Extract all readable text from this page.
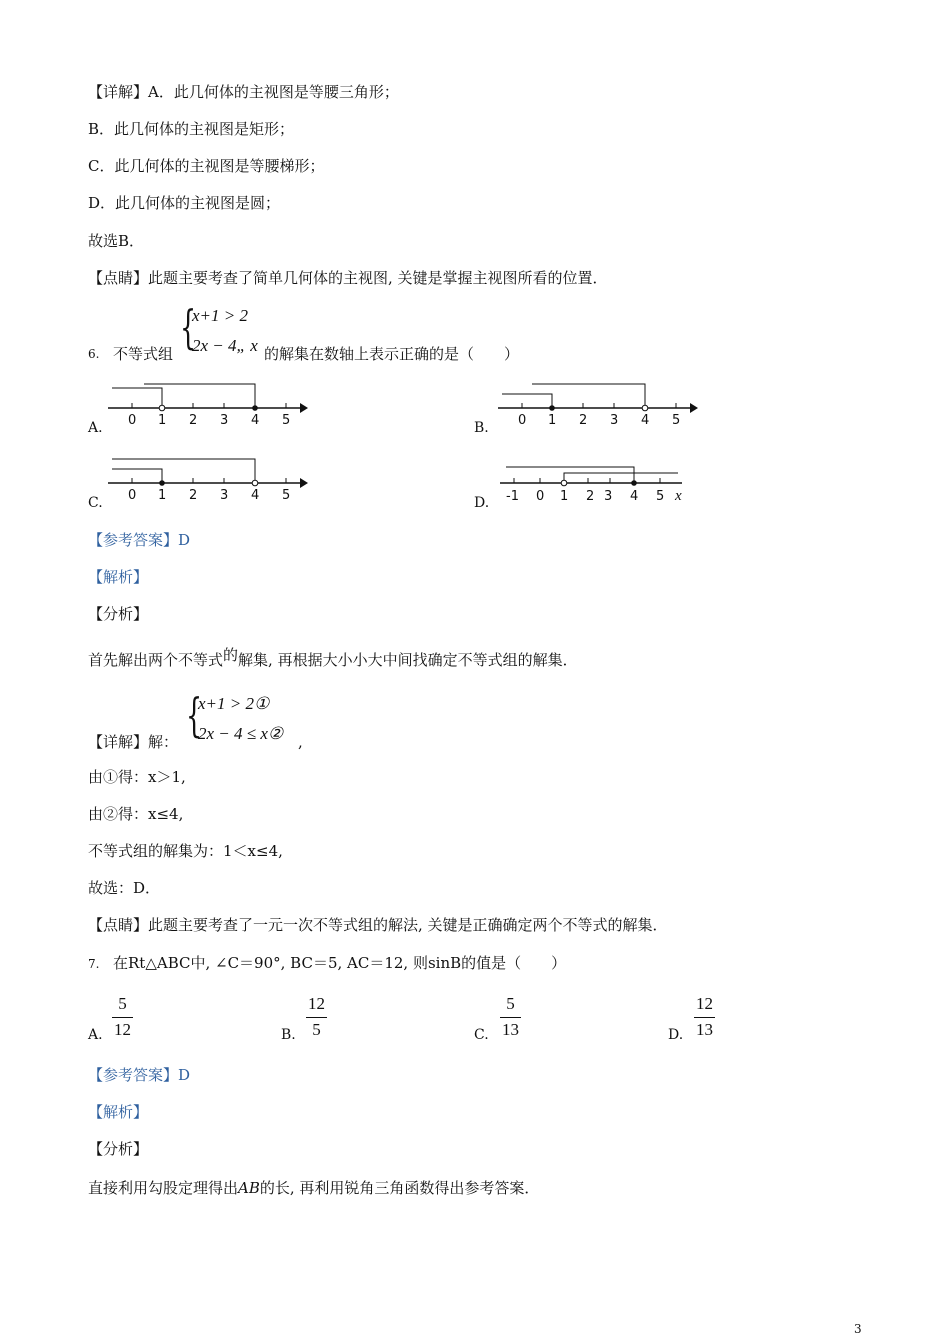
【详解】A．此几何体的主视图是等腰三角形；
B．此几何体的主视图是矩形；
C．此几何体的主视图是等腰梯形；
D．此几何体的主视图是圆；
故选B．
【点睛】此题主要考查了简单几何体的主视图, 关键是掌握主视图所看的位置．
6. 不等式组 {
x+1 > 2
2x − 4„ x 的解集在数轴上表示正确的是（　　）
0 1 2 3 4 5
A.	0 1 2 3 4 5
B.
0 1 2 3 4 5
C.	-1 0 1 2 3 4 5 x
D.
【参考答案】D
【解析】
【分析】
首先解出两个不等式的解集, 再根据大小小大中间找确定不等式组的解集．
【详解】解： {
x+1 > 2①
2x − 4 ≤ x② ,
由①得：x＞1,
由②得：x≤4,
不等式组的解集为：1＜x≤4,
故选：D．
【点睛】此题主要考查了一元一次不等式组的解法, 关键是正确确定两个不等式的解集．
7. 在Rt△ABC中, ∠C＝90°, BC＝5, AC＝12, 则sinB的值是（　　）
A.
5
12	B.
12
5	C.
5
13	D.
12
13
【参考答案】D
【解析】
【分析】
直接利用勾股定理得出AB的长, 再利用锐角三角函数得出参考答案．
3
